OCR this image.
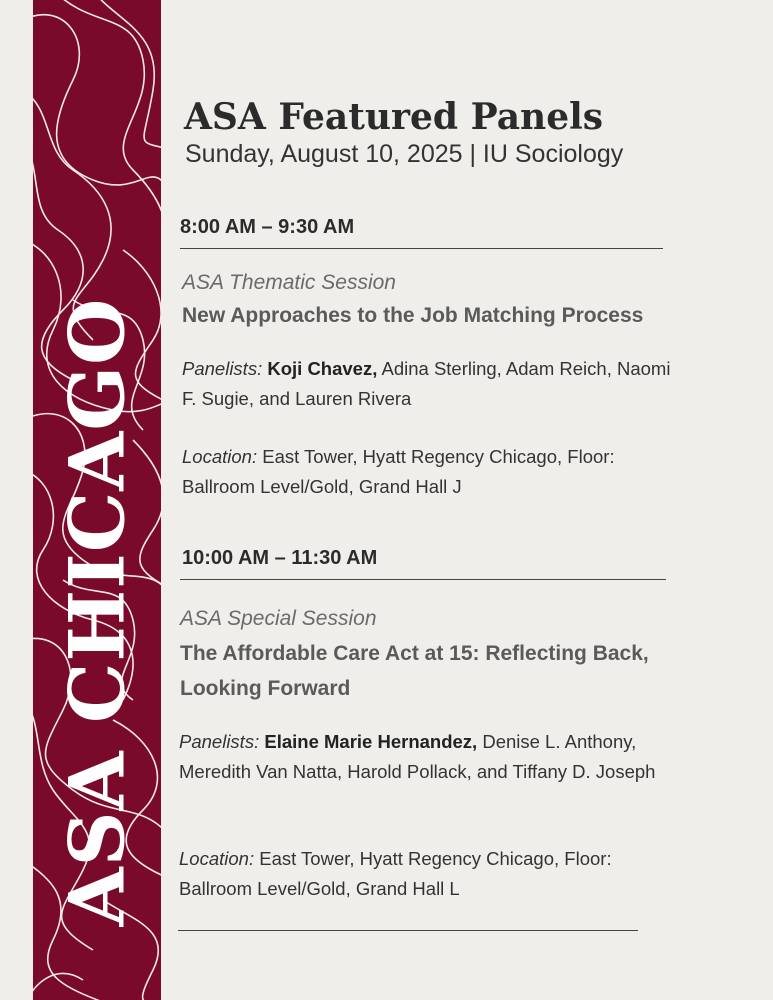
ASA CHICAGO
ASA Featured Panels
Sunday, August 10, 2025 | IU Sociology
8:00 AM – 9:30 AM
ASA Thematic Session
New Approaches to the Job Matching Process
Panelists: Koji Chavez, Adina Sterling, Adam Reich, Naomi F. Sugie, and Lauren Rivera
Location: East Tower, Hyatt Regency Chicago, Floor: Ballroom Level/Gold, Grand Hall J
10:00 AM – 11:30 AM
ASA Special Session
The Affordable Care Act at 15: Reflecting Back, Looking Forward
Panelists: Elaine Marie Hernandez, Denise L. Anthony, Meredith Van Natta, Harold Pollack, and Tiffany D. Joseph
Location: East Tower, Hyatt Regency Chicago, Floor: Ballroom Level/Gold, Grand Hall L
